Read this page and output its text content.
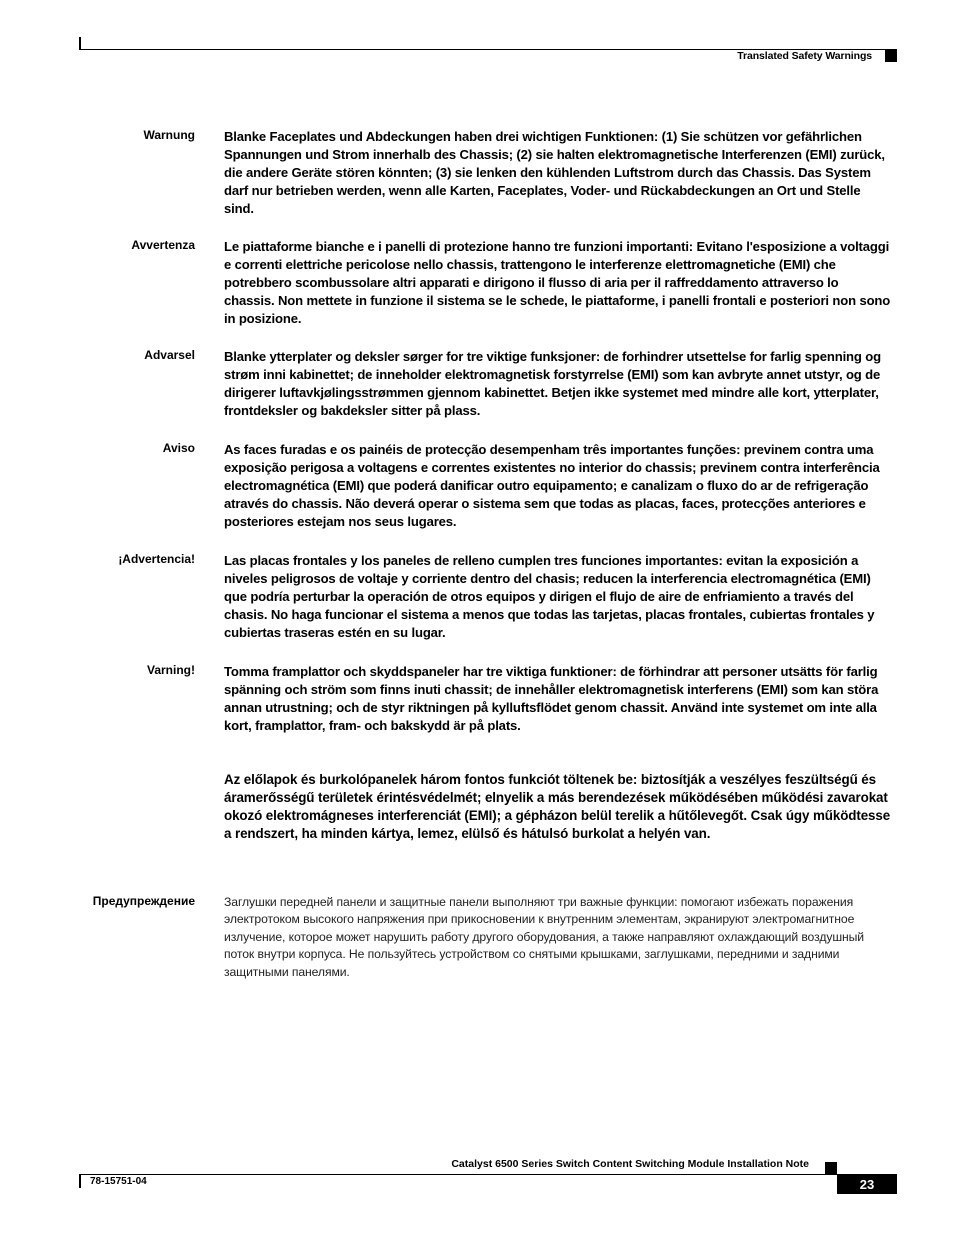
Translated Safety Warnings
Warnung Blanke Faceplates und Abdeckungen haben drei wichtigen Funktionen: (1) Sie schützen vor gefährlichen Spannungen und Strom innerhalb des Chassis; (2) sie halten elektromagnetische Interferenzen (EMI) zurück, die andere Geräte stören könnten; (3) sie lenken den kühlenden Luftstrom durch das Chassis. Das System darf nur betrieben werden, wenn alle Karten, Faceplates, Voder- und Rückabdeckungen an Ort und Stelle sind.
Avvertenza Le piattaforme bianche e i panelli di protezione hanno tre funzioni importanti: Evitano l'esposizione a voltaggi e correnti elettriche pericolose nello chassis, trattengono le interferenze elettromagnetiche (EMI) che potrebbero scombussolare altri apparati e dirigono il flusso di aria per il raffreddamento attraverso lo chassis. Non mettete in funzione il sistema se le schede, le piattaforme, i panelli frontali e posteriori non sono in posizione.
Advarsel Blanke ytterplater og deksler sørger for tre viktige funksjoner: de forhindrer utsettelse for farlig spenning og strøm inni kabinettet; de inneholder elektromagnetisk forstyrrelse (EMI) som kan avbryte annet utstyr, og de dirigerer luftavkjølingsstrømmen gjennom kabinettet. Betjen ikke systemet med mindre alle kort, ytterplater, frontdeksler og bakdeksler sitter på plass.
Aviso As faces furadas e os painéis de protecção desempenham três importantes funções: previnem contra uma exposição perigosa a voltagens e correntes existentes no interior do chassis; previnem contra interferência electromagnética (EMI) que poderá danificar outro equipamento; e canalizam o fluxo do ar de refrigeração através do chassis. Não deverá operar o sistema sem que todas as placas, faces, protecções anteriores e posteriores estejam nos seus lugares.
¡Advertencia! Las placas frontales y los paneles de relleno cumplen tres funciones importantes: evitan la exposición a niveles peligrosos de voltaje y corriente dentro del chasis; reducen la interferencia electromagnética (EMI) que podría perturbar la operación de otros equipos y dirigen el flujo de aire de enfriamiento a través del chasis. No haga funcionar el sistema a menos que todas las tarjetas, placas frontales, cubiertas frontales y cubiertas traseras estén en su lugar.
Varning! Tomma framplattor och skyddspaneler har tre viktiga funktioner: de förhindrar att personer utsätts för farlig spänning och ström som finns inuti chassit; de innehåller elektromagnetisk interferens (EMI) som kan störa annan utrustning; och de styr riktningen på kylluftsflödet genom chassit. Använd inte systemet om inte alla kort, framplattor, fram- och bakskydd är på plats.
Az előlapok és burkolópanelek három fontos funkciót töltenek be: biztosítják a veszélyes feszültségű és áramerősségű területek érintésvédelmét; elnyelik a más berendezések működésében működési zavarokat okozó elektromágneses interferenciát (EMI); a gépházon belül terelik a hűtőlevegőt. Csak úgy működtesse a rendszert, ha minden kártya, lemez, elülső és hátulsó burkolat a helyén van.
Предупреждение Заглушки передней панели и защитные панели выполняют три важные функции: помогают избежать поражения электротоком высокого напряжения при прикосновении к внутренним элементам, экранируют электромагнитное излучение, которое может нарушить работу другого оборудования, а также направляют охлаждающий воздушный поток внутри корпуса. Не пользуйтесь устройством со снятыми крышками, заглушками, передними и задними защитными панелями.
Catalyst 6500 Series Switch Content Switching Module Installation Note
78-15751-04	23
